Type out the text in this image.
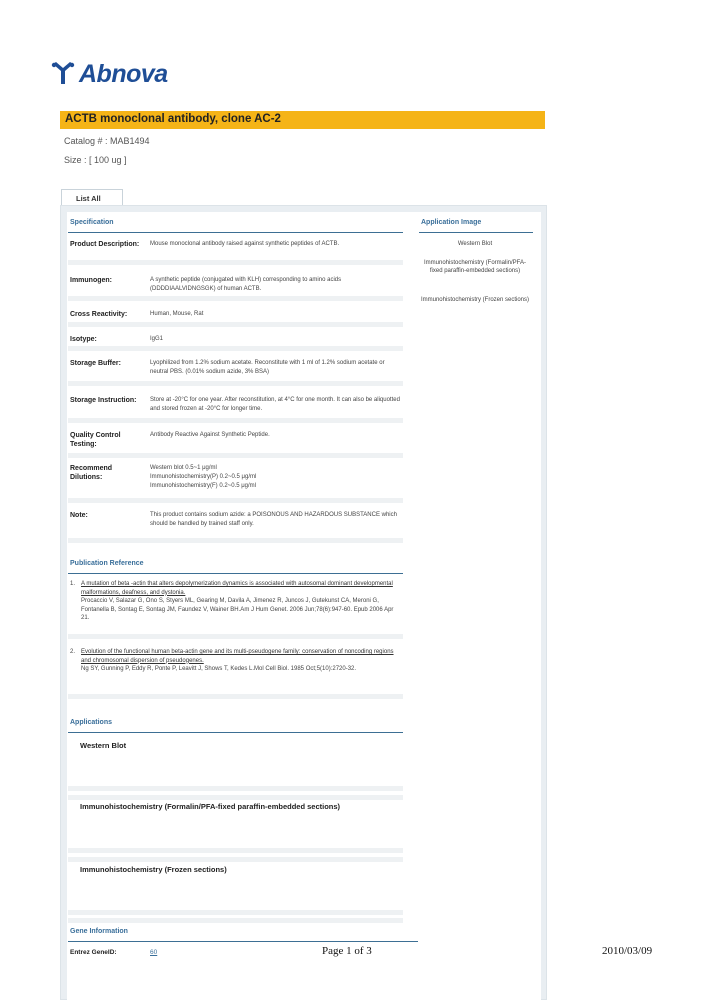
Abnova
ACTB monoclonal antibody, clone AC-2
Catalog # : MAB1494
Size : [ 100 ug ]
List All
Specification
Product Description:	Mouse monoclonal antibody raised against synthetic peptides of ACTB.
Immunogen:	A synthetic peptide (conjugated with KLH) corresponding to amino acids (DDDDIAALVIDNGSGK) of human ACTB.
Cross Reactivity:	Human, Mouse, Rat
Isotype:	IgG1
Storage Buffer:	Lyophilized from 1.2% sodium acetate. Reconstitute with 1 ml of 1.2% sodium acetate or neutral PBS. (0.01% sodium azide, 3% BSA)
Storage Instruction:	Store at -20°C for one year. After reconstitution, at 4°C for one month. It can also be aliquotted and stored frozen at -20°C for longer time.
Quality Control Testing:
Antibody Reactive Against Synthetic Peptide.
Recommend Dilutions:
Western blot 0.5~1 μg/ml
Immunohistochemistry(P) 0.2~0.5 μg/ml
Immunohistochemistry(F) 0.2~0.5 μg/ml
Note:	This product contains sodium azide: a POISONOUS AND HAZARDOUS SUBSTANCE which should be handled by trained staff only.
Application Image
Western Blot
Immunohistochemistry (Formalin/PFA-fixed paraffin-embedded sections)
Immunohistochemistry (Frozen sections)
Publication Reference
1. A mutation of beta -actin that alters depolymerization dynamics is associated with autosomal dominant developmental malformations, deafness, and dystonia.
Procaccio V, Salazar G, Ono S, Styers ML, Gearing M, Davila A, Jimenez R, Juncos J, Gutekunst CA, Meroni G, Fontanella B, Sontag E, Sontag JM, Faundez V, Wainer BH.Am J Hum Genet. 2006 Jun;78(6):947-60. Epub 2006 Apr 21.
2. Evolution of the functional human beta-actin gene and its multi-pseudogene family: conservation of noncoding regions and chromosomal dispersion of pseudogenes.
Ng SY, Gunning P, Eddy R, Ponte P, Leavitt J, Shows T, Kedes L.Mol Cell Biol. 1985 Oct;5(10):2720-32.
Applications
Western Blot
Immunohistochemistry (Formalin/PFA-fixed paraffin-embedded sections)
Immunohistochemistry (Frozen sections)
Gene Information
Entrez GeneID:	60	Page 1 of 3	2010/03/09
